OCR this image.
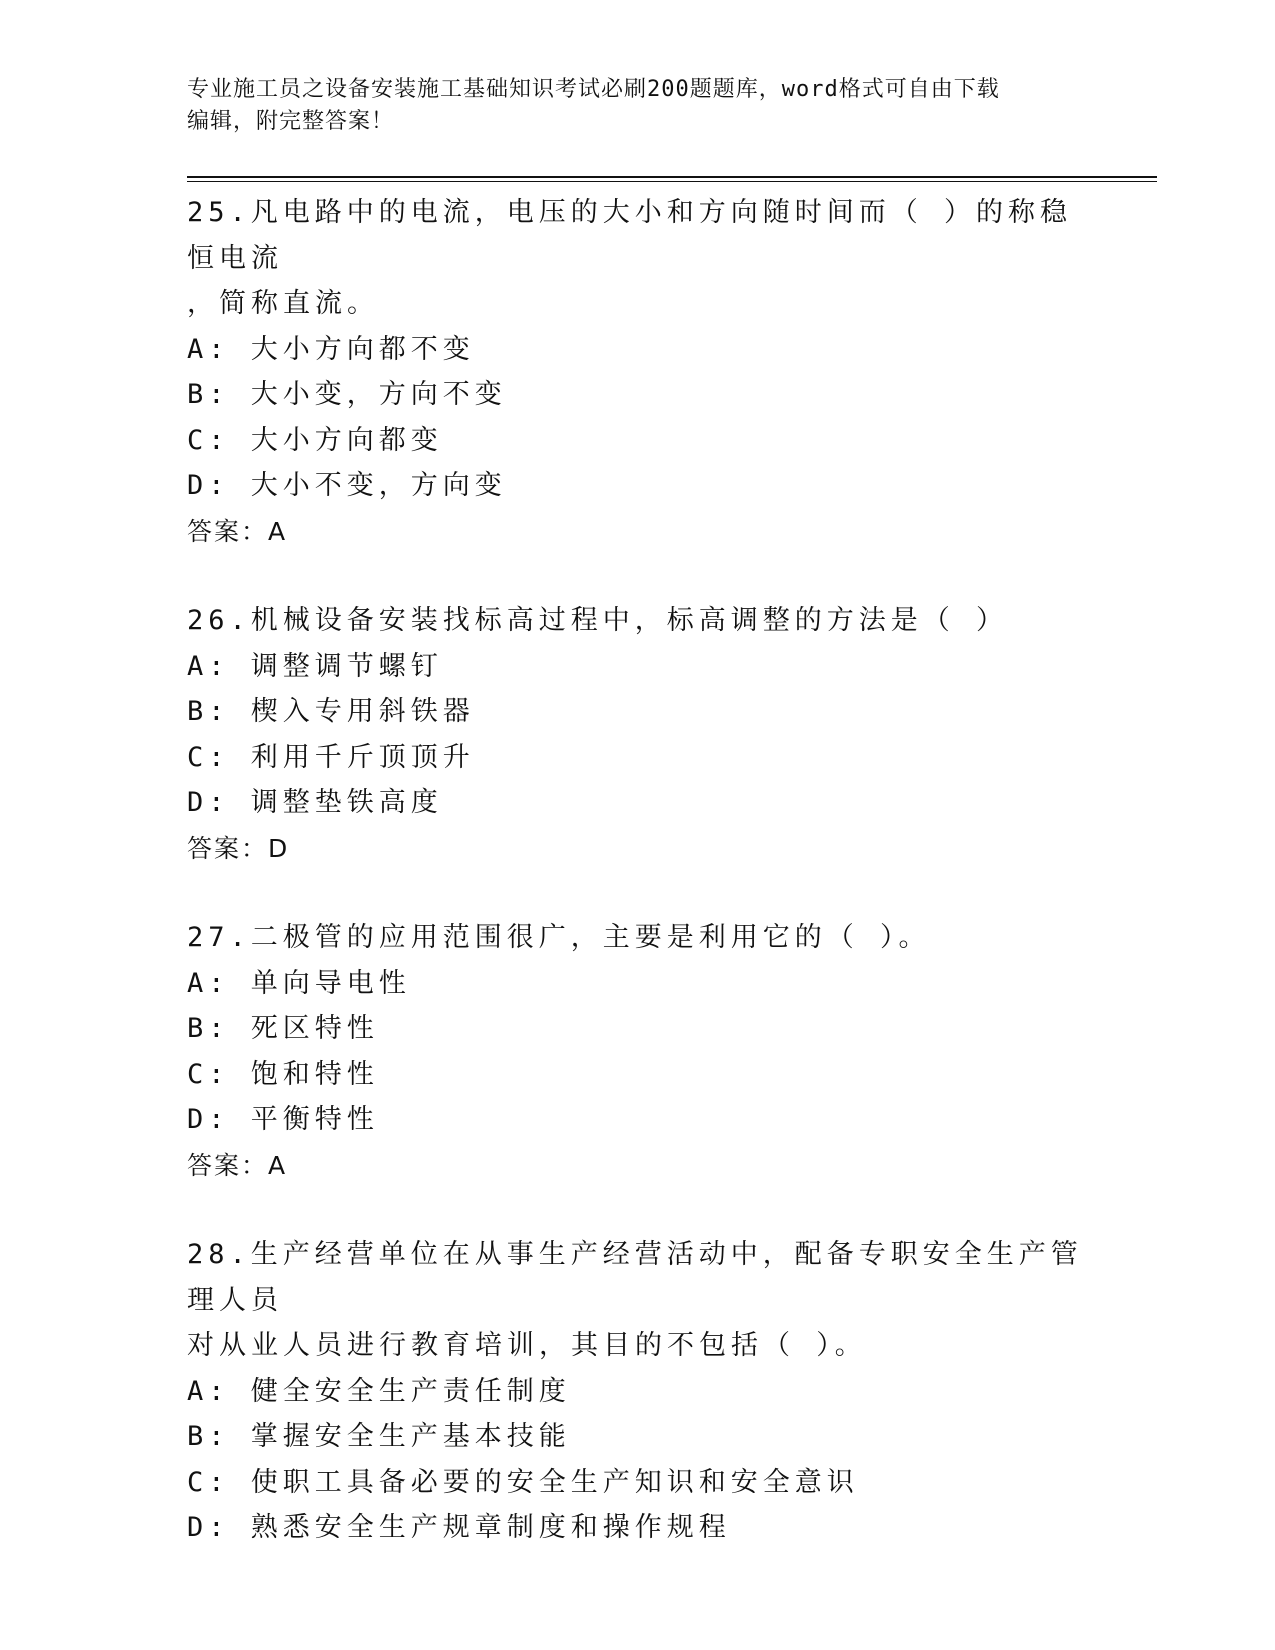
专业施工员之设备安装施工基础知识考试必刷200题题库，word格式可自由下载
编辑，附完整答案！
25.凡电路中的电流，电压的大小和方向随时间而（ ）的称稳恒电流
，简称直流。
A: 大小方向都不变
B: 大小变，方向不变
C: 大小方向都变
D: 大小不变，方向变
答案：A
26.机械设备安装找标高过程中，标高调整的方法是（ ）
A: 调整调节螺钉
B: 楔入专用斜铁器
C: 利用千斤顶顶升
D: 调整垫铁高度
答案：D
27.二极管的应用范围很广，主要是利用它的（ ）。
A: 单向导电性
B: 死区特性
C: 饱和特性
D: 平衡特性
答案：A
28.生产经营单位在从事生产经营活动中，配备专职安全生产管理人员
对从业人员进行教育培训，其目的不包括（ ）。
A: 健全安全生产责任制度
B: 掌握安全生产基本技能
C: 使职工具备必要的安全生产知识和安全意识
D: 熟悉安全生产规章制度和操作规程
